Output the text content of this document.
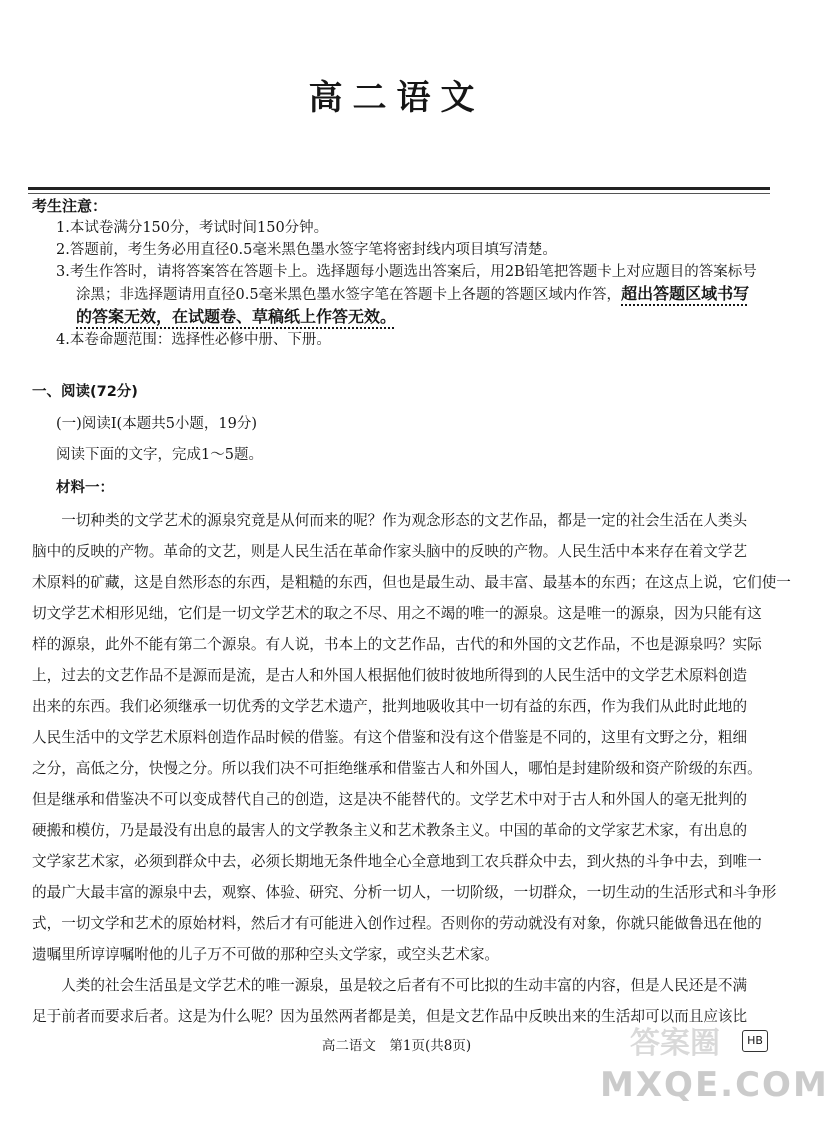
高二语文
考生注意：
1.本试卷满分150分，考试时间150分钟。
2.答题前，考生务必用直径0.5毫米黑色墨水签字笔将密封线内项目填写清楚。
3.考生作答时，请将答案答在答题卡上。选择题每小题选出答案后，用2B铅笔把答题卡上对应题目的答案标号
涂黑；非选择题请用直径0.5毫米黑色墨水签字笔在答题卡上各题的答题区域内作答，超出答题区域书写
的答案无效，在试题卷、草稿纸上作答无效。
4.本卷命题范围：选择性必修中册、下册。
一、阅读(72分)
(一)阅读Ⅰ(本题共5小题，19分)
阅读下面的文字，完成1～5题。
材料一：
　　一切种类的文学艺术的源泉究竟是从何而来的呢？作为观念形态的文艺作品，都是一定的社会生活在人类头
脑中的反映的产物。革命的文艺，则是人民生活在革命作家头脑中的反映的产物。人民生活中本来存在着文学艺
术原料的矿藏，这是自然形态的东西，是粗糙的东西，但也是最生动、最丰富、最基本的东西；在这点上说，它们使一
切文学艺术相形见绌，它们是一切文学艺术的取之不尽、用之不竭的唯一的源泉。这是唯一的源泉，因为只能有这
样的源泉，此外不能有第二个源泉。有人说，书本上的文艺作品，古代的和外国的文艺作品，不也是源泉吗？实际
上，过去的文艺作品不是源而是流，是古人和外国人根据他们彼时彼地所得到的人民生活中的文学艺术原料创造
出来的东西。我们必须继承一切优秀的文学艺术遗产，批判地吸收其中一切有益的东西，作为我们从此时此地的
人民生活中的文学艺术原料创造作品时候的借鉴。有这个借鉴和没有这个借鉴是不同的，这里有文野之分，粗细
之分，高低之分，快慢之分。所以我们决不可拒绝继承和借鉴古人和外国人，哪怕是封建阶级和资产阶级的东西。
但是继承和借鉴决不可以变成替代自己的创造，这是决不能替代的。文学艺术中对于古人和外国人的毫无批判的
硬搬和模仿，乃是最没有出息的最害人的文学教条主义和艺术教条主义。中国的革命的文学家艺术家，有出息的
文学家艺术家，必须到群众中去，必须长期地无条件地全心全意地到工农兵群众中去，到火热的斗争中去，到唯一
的最广大最丰富的源泉中去，观察、体验、研究、分析一切人，一切阶级，一切群众，一切生动的生活形式和斗争形
式，一切文学和艺术的原始材料，然后才有可能进入创作过程。否则你的劳动就没有对象，你就只能做鲁迅在他的
遗嘱里所谆谆嘱咐他的儿子万不可做的那种空头文学家，或空头艺术家。
　　人类的社会生活虽是文学艺术的唯一源泉，虽是较之后者有不可比拟的生动丰富的内容，但是人民还是不满
足于前者而要求后者。这是为什么呢？因为虽然两者都是美，但是文艺作品中反映出来的生活却可以而且应该比
高二语文　第1页(共8页)	HB
答案圈
MXQE.COM
